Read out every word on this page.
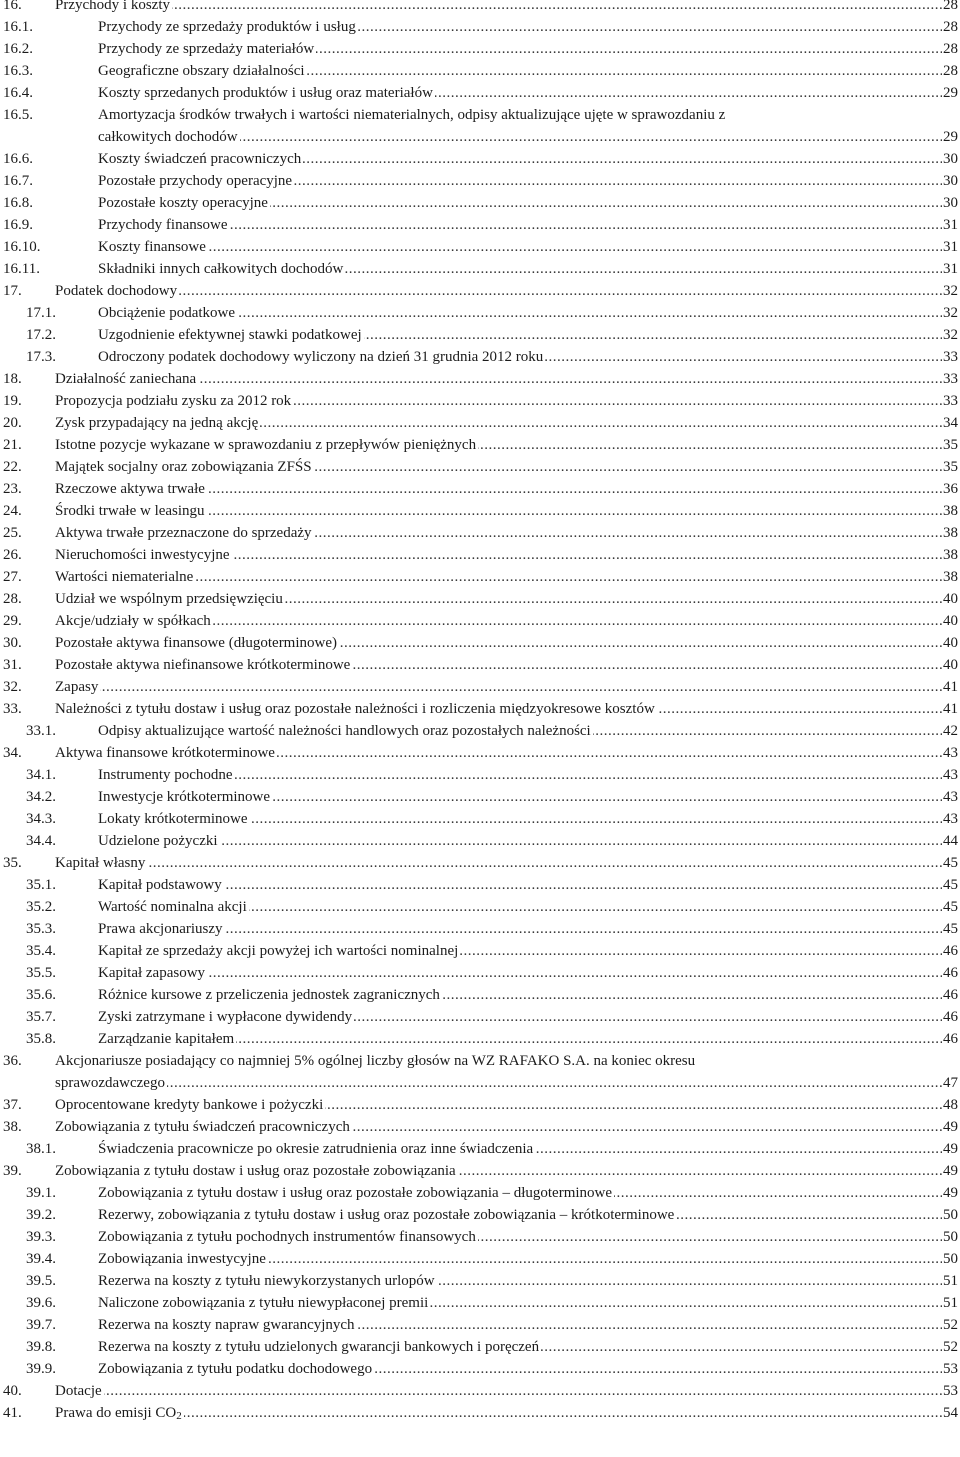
16. Przychody i koszty .....	28
16.1.	Przychody ze sprzedaży produktów i usług .....	28
16.2.	Przychody ze sprzedaży materiałów .....	28
16.3.	Geograficzne obszary działalności .....	28
16.4.	Koszty sprzedanych produktów i usług oraz materiałów .....	29
16.5.	Amortyzacja środków trwałych i wartości niematerialnych, odpisy aktualizujące ujęte w sprawozdaniu z
całkowitych dochodów .....	29
16.6.	Koszty świadczeń pracowniczych .....	30
16.7.	Pozostałe przychody operacyjne .....	30
16.8.	Pozostałe koszty operacyjne .....	30
16.9.	Przychody finansowe .....	31
16.10.	Koszty finansowe .....	31
16.11.	Składniki innych całkowitych dochodów .....	31
17. Podatek dochodowy .....	32
17.1.	Obciążenie podatkowe .....	32
17.2.	Uzgodnienie efektywnej stawki podatkowej .....	32
17.3.	Odroczony podatek dochodowy wyliczony na dzień 31 grudnia 2012 roku .....	33
18. Działalność zaniechana .....	33
19. Propozycja podziału zysku za 2012 rok .....	33
20. Zysk przypadający na jedną akcję .....	34
21. Istotne pozycje wykazane w sprawozdaniu z przepływów pieniężnych .....	35
22. Majątek socjalny oraz zobowiązania ZFŚS .....	35
23. Rzeczowe aktywa trwałe .....	36
24. Środki trwałe w leasingu .....	38
25. Aktywa trwałe przeznaczone do sprzedaży .....	38
26. Nieruchomości inwestycyjne .....	38
27. Wartości niematerialne .....	38
28. Udział we wspólnym przedsięwzięciu .....	40
29. Akcje/udziały w spółkach .....	40
30. Pozostałe aktywa finansowe (długoterminowe) .....	40
31. Pozostałe aktywa niefinansowe krótkoterminowe .....	40
32. Zapasy .....	41
33. Należności z tytułu dostaw i usług oraz pozostałe należności i rozliczenia międzyokresowe kosztów .....	41
33.1.	Odpisy aktualizujące wartość należności handlowych oraz pozostałych należności .....	42
34. Aktywa finansowe krótkoterminowe .....	43
34.1.	Instrumenty pochodne .....	43
34.2.	Inwestycje krótkoterminowe .....	43
34.3.	Lokaty krótkoterminowe .....	43
34.4.	Udzielone pożyczki .....	44
35. Kapitał własny .....	45
35.1.	Kapitał podstawowy .....	45
35.2.	Wartość nominalna akcji .....	45
35.3.	Prawa akcjonariuszy .....	45
35.4.	Kapitał ze sprzedaży akcji powyżej ich wartości nominalnej .....	46
35.5.	Kapitał zapasowy .....	46
35.6.	Różnice kursowe z przeliczenia jednostek zagranicznych .....	46
35.7.	Zyski zatrzymane i wypłacone dywidendy .....	46
35.8.	Zarządzanie kapitałem .....	46
36. Akcjonariusze posiadający co najmniej 5% ogólnej liczby głosów na WZ RAFAKO S.A. na koniec okresu
sprawozdawczego .....	47
37. Oprocentowane kredyty bankowe i pożyczki .....	48
38. Zobowiązania z tytułu świadczeń pracowniczych .....	49
38.1.	Świadczenia pracownicze po okresie zatrudnienia oraz inne świadczenia .....	49
39. Zobowiązania z tytułu dostaw i usług oraz pozostałe zobowiązania .....	49
39.1.	Zobowiązania z tytułu dostaw i usług oraz pozostałe zobowiązania – długoterminowe .....	49
39.2.	Rezerwy, zobowiązania z tytułu dostaw i usług oraz pozostałe zobowiązania – krótkoterminowe .....	50
39.3.	Zobowiązania z tytułu pochodnych instrumentów finansowych .....	50
39.4.	Zobowiązania inwestycyjne .....	50
39.5.	Rezerwa na koszty z tytułu niewykorzystanych urlopów .....	51
39.6.	Naliczone zobowiązania z tytułu niewypłaconej premii .....	51
39.7.	Rezerwa na koszty napraw gwarancyjnych .....	52
39.8.	Rezerwa na koszty z tytułu udzielonych gwarancji bankowych i poręczeń .....	52
39.9.	Zobowiązania z tytułu podatku dochodowego .....	53
40. Dotacje .....	53
41. Prawa do emisji $CO_2$ .....	54
